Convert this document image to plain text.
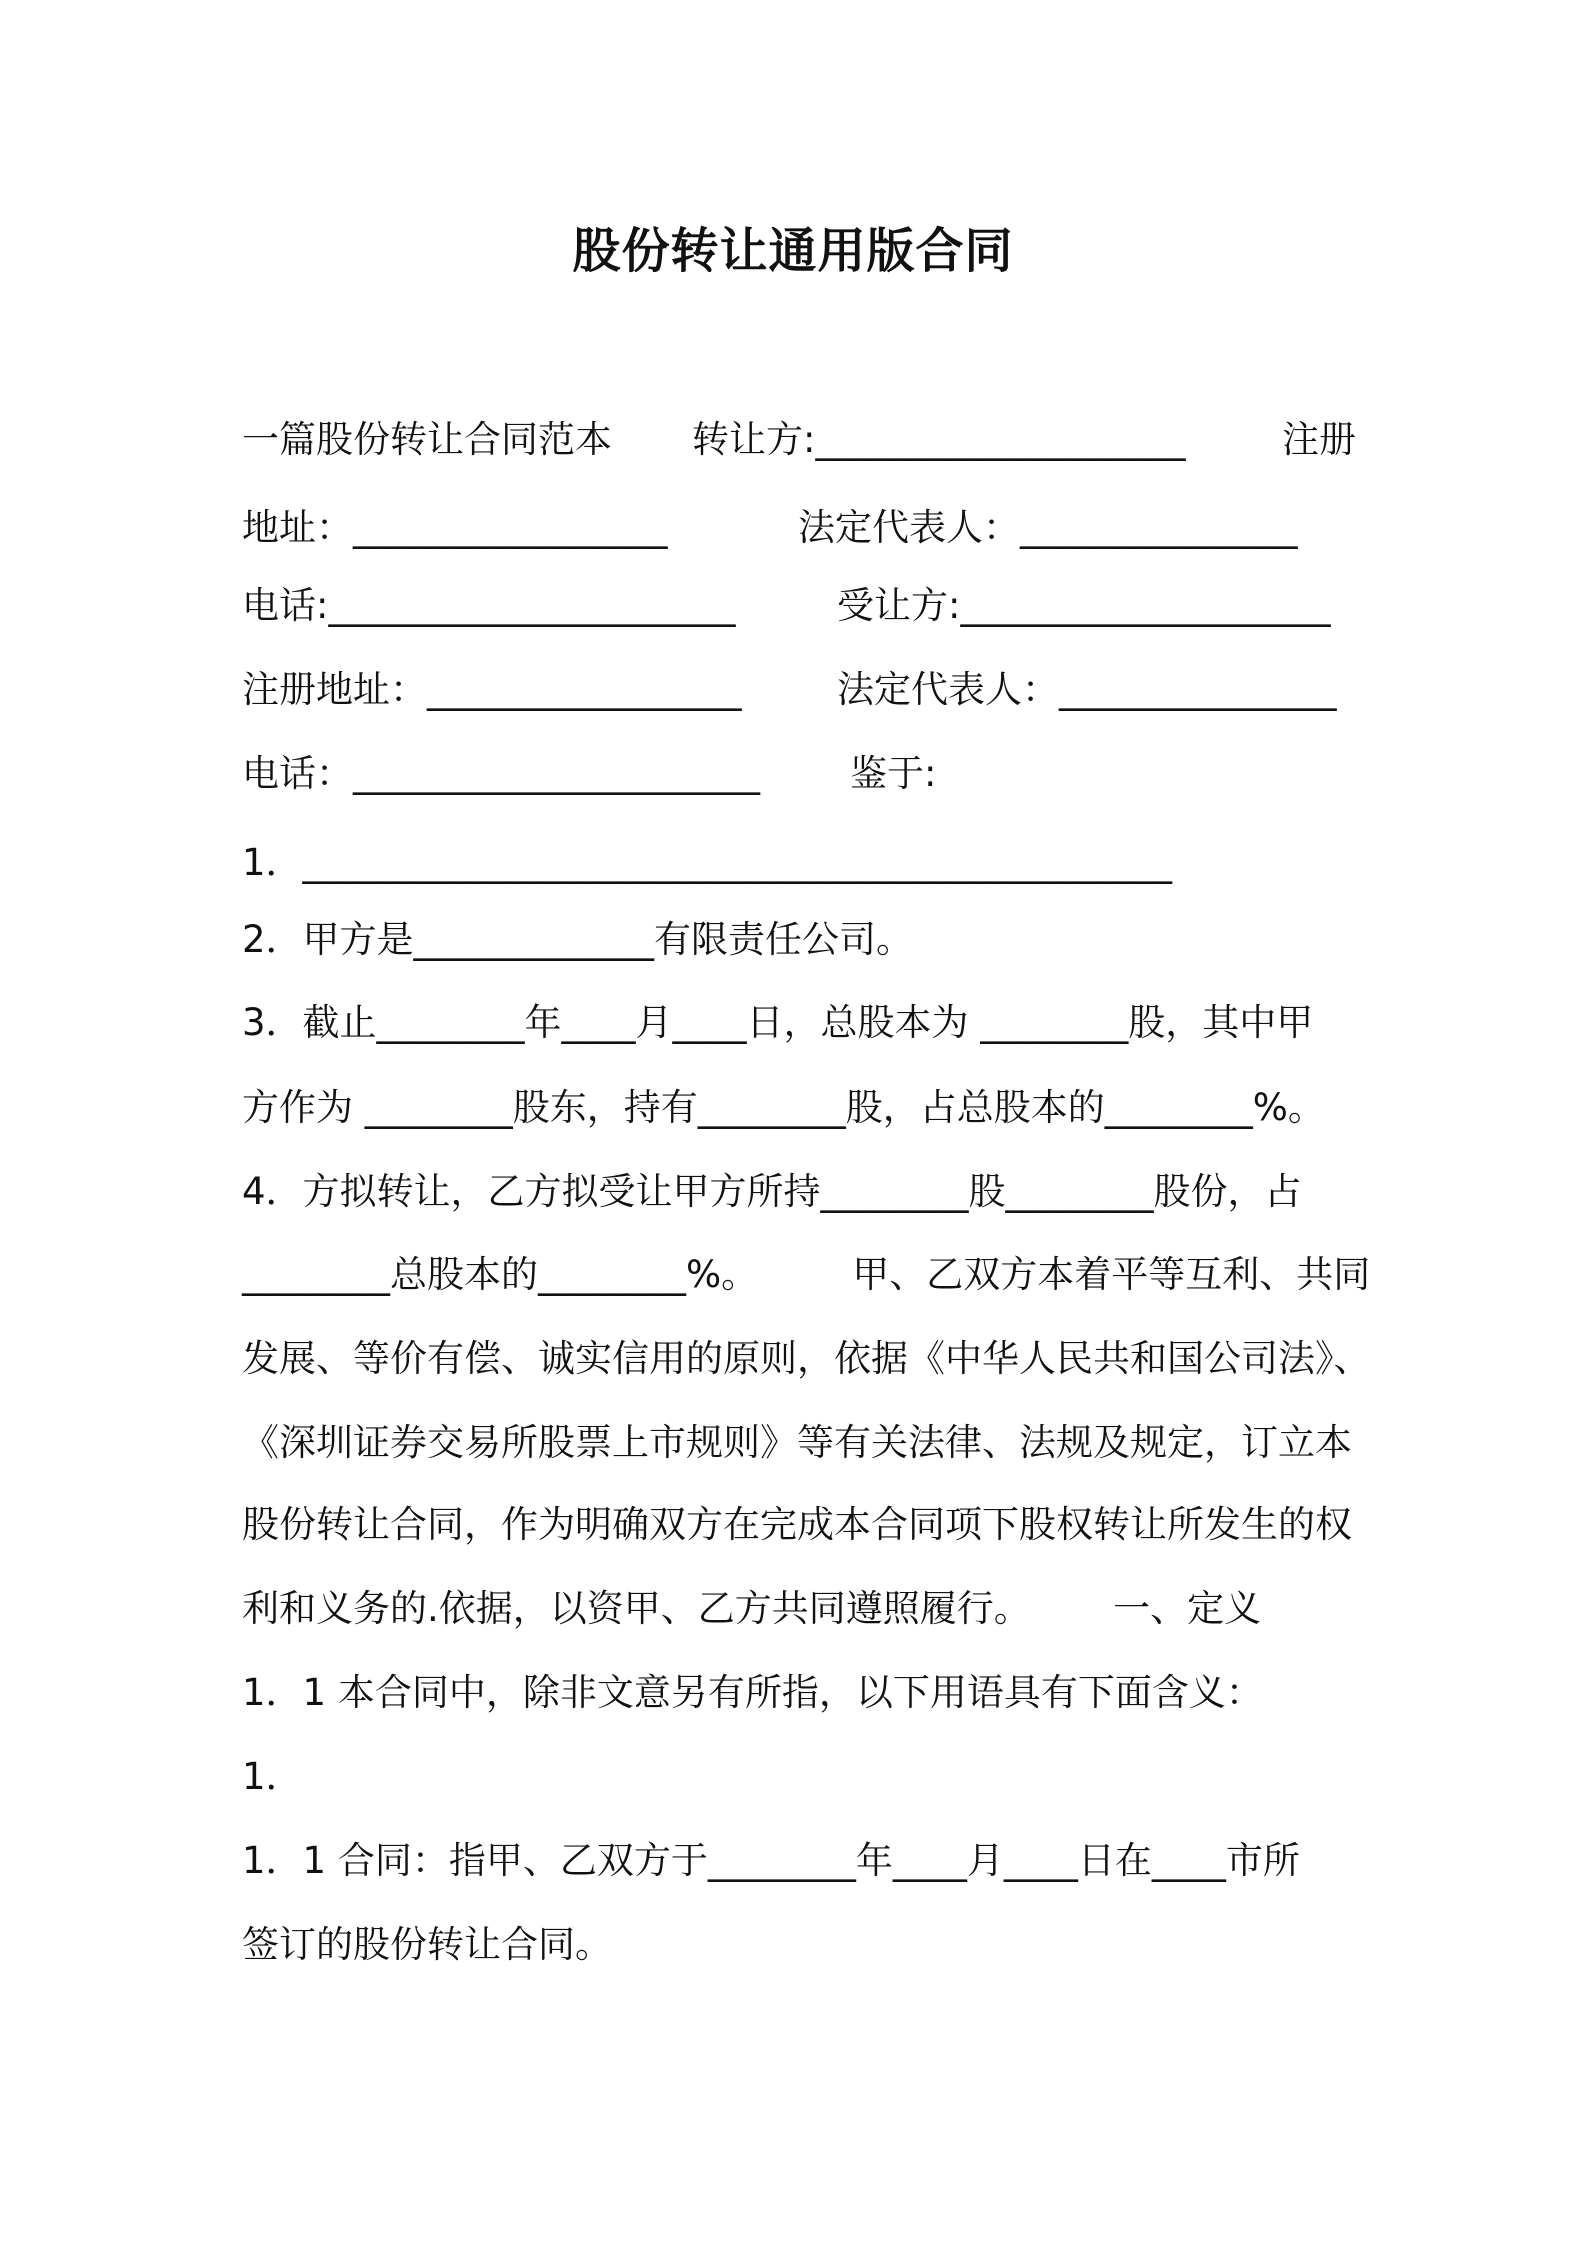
股份转让通用版合同
一篇股份转让合同范本 转让方:____________________	注册
地址：_________________	法定代表人：_______________
电话:______________________	受让方:____________________
注册地址：_________________	法定代表人：_______________
电话：______________________ 鉴于:
1．_______________________________________________
2．甲方是_____________有限责任公司。
3．截止________年____月____日，总股本为 ________股，其中甲
方作为 ________股东，持有________股，占总股本的________%。
4．方拟转让，乙方拟受让甲方所持________股________股份，占
________总股本的________%。        甲、乙双方本着平等互利、共同
发展、等价有偿、诚实信用的原则，依据《中华人民共和国公司法》、
《深圳证券交易所股票上市规则》等有关法律、法规及规定，订立本
股份转让合同，作为明确双方在完成本合同项下股权转让所发生的权
利和义务的.依据，以资甲、乙方共同遵照履行。       一、定义
1．1 本合同中，除非文意另有所指，以下用语具有下面含义：
1．
1．1 合同：指甲、乙双方于________年____月____日在____市所
签订的股份转让合同。
